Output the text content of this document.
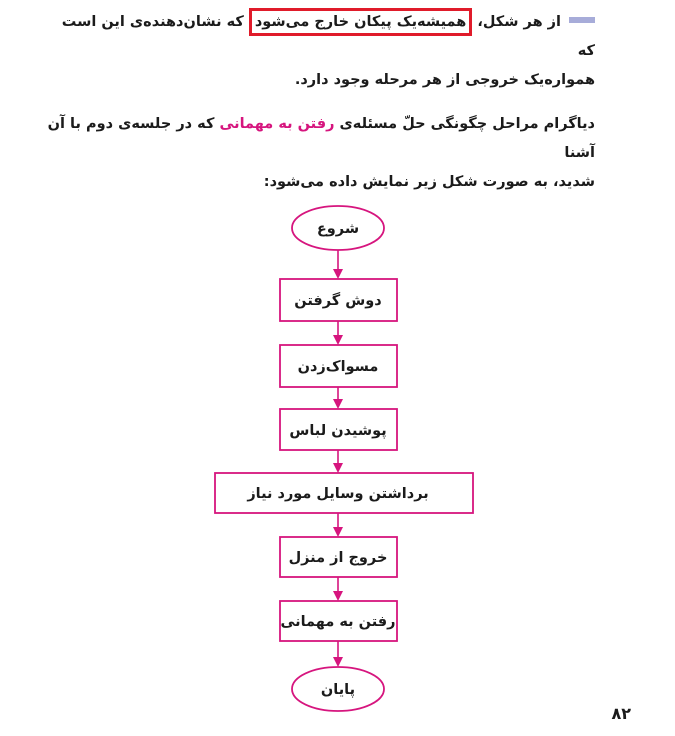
از هر شکل، همیشه‌یک پیکان خارج می‌شود که نشان‌دهنده‌ی این است که
همواره‌یک خروجی از هر مرحله وجود دارد.
دیاگرام مراحل چگونگی حلّ مسئله‌ی رفتن به مهمانی که در جلسه‌ی دوم با آن آشنا
شدید، به صورت شکل زیر نمایش داده می‌شود:
شروع
دوش گرفتن
مسواک‌زدن
پوشیدن لباس
برداشتن وسایل مورد نیاز
خروج از منزل
رفتن به مهمانی
پایان
۸۲
